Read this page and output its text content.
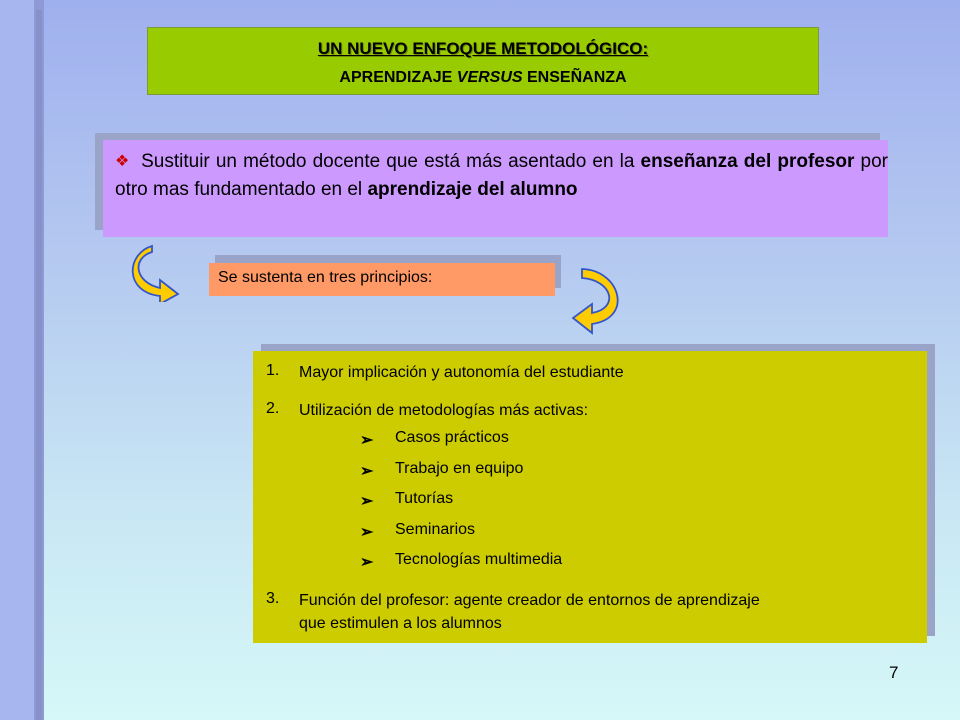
UN NUEVO ENFOQUE METODOLÓGICO:
APRENDIZAJE VERSUS ENSEÑANZA
❖ Sustituir un método docente que está más asentado en la enseñanza del profesor por otro mas fundamentado en el aprendizaje del alumno
Se sustenta en tres principios:
1.	Mayor implicación y autonomía del estudiante
2.	Utilización de metodologías más activas:
➢ Casos prácticos
➢ Trabajo en equipo
➢ Tutorías
➢ Seminarios
➢ Tecnologías multimedia
3.	Función del profesor: agente creador de entornos de aprendizaje
que estimulen a los alumnos
7
